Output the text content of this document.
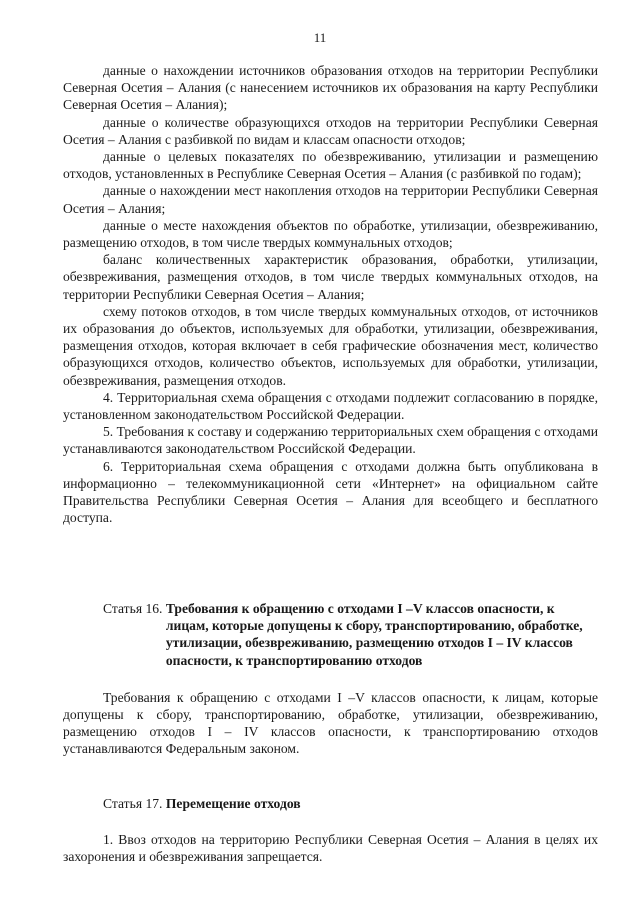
11

данные о нахождении источников образования отходов на территории Республики Северная Осетия – Алания (с нанесением источников их образования на карту Республики Северная Осетия – Алания);

данные о количестве образующихся отходов на территории Республики Северная Осетия – Алания с разбивкой по видам и классам опасности отходов;

данные о целевых показателях по обезвреживанию, утилизации и размещению отходов, установленных в Республике Северная Осетия – Алания (с разбивкой по годам);

данные о нахождении мест накопления отходов на территории Республики Северная Осетия – Алания;

данные о месте нахождения объектов по обработке, утилизации, обезвреживанию, размещению отходов, в том числе твердых коммунальных отходов;

баланс количественных характеристик образования, обработки, утилизации, обезвреживания, размещения отходов, в том числе твердых коммунальных отходов, на территории Республики Северная Осетия – Алания;

схему потоков отходов, в том числе твердых коммунальных отходов, от источников их образования до объектов, используемых для обработки, утилизации, обезвреживания, размещения отходов, которая включает в себя графические обозначения мест, количество образующихся отходов, количество объектов, используемых для обработки, утилизации, обезвреживания, размещения отходов.

4. Территориальная схема обращения с отходами подлежит согласованию в порядке, установленном законодательством Российской Федерации.

5. Требования к составу и содержанию территориальных схем обращения с отходами устанавливаются законодательством Российской Федерации.

6. Территориальная схема обращения с отходами должна быть опубликована в информационно – телекоммуникационной сети «Интернет» на официальном сайте Правительства Республики Северная Осетия – Алания для всеобщего и бесплатного доступа.

Статья 16. Требования к обращению с отходами I –V классов опасности, к лицам, которые допущены к сбору, транспортированию, обработке, утилизации, обезвреживанию, размещению отходов I – IV классов опасности, к транспортированию отходов

Требования к обращению с отходами I –V классов опасности, к лицам, которые допущены к сбору, транспортированию, обработке, утилизации, обезвреживанию, размещению отходов I – IV классов опасности, к транспортированию отходов устанавливаются Федеральным законом.

Статья 17. Перемещение отходов

1. Ввоз отходов на территорию Республики Северная Осетия – Алания в целях их захоронения и обезвреживания запрещается.
